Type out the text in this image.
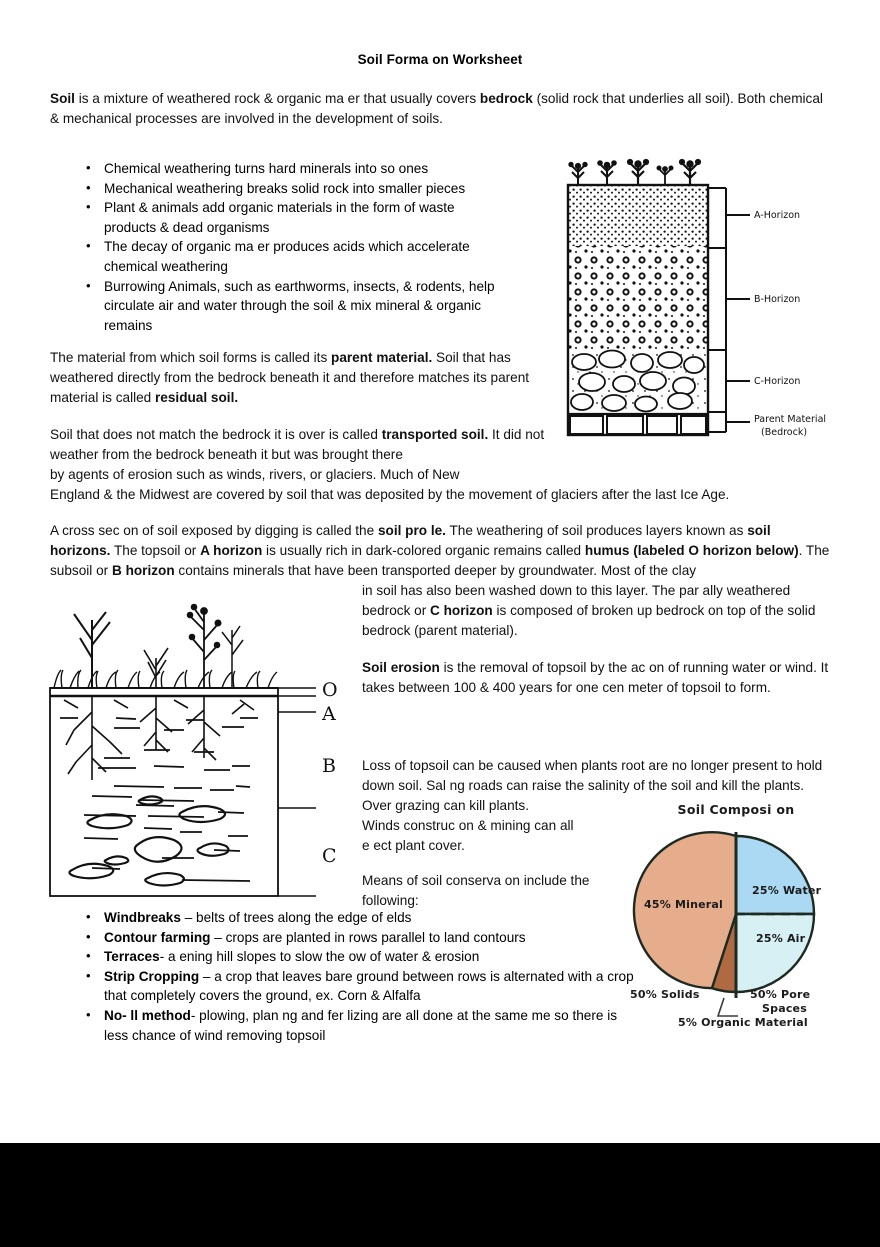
Soil Forma on Worksheet
Soil is a mixture of weathered rock & organic ma er that usually covers bedrock (solid rock that underlies all soil). Both chemical & mechanical processes are involved in the development of soils.
• Chemical weathering turns hard minerals into so ones
• Mechanical weathering breaks solid rock into smaller pieces
• Plant & animals add organic materials in the form of waste products & dead organisms
• The decay of organic ma er produces acids which accelerate chemical weathering
• Burrowing Animals, such as earthworms, insects, & rodents, help circulate air and water through the soil & mix mineral & organic remains
The material from which soil forms is called its parent material. Soil that has weathered directly from the bedrock beneath it and therefore matches its parent material is called residual soil.
Soil that does not match the bedrock it is over is called transported soil. It did not weather from the bedrock beneath it but was brought there
by agents of erosion such as winds, rivers, or glaciers. Much of New
England & the Midwest are covered by soil that was deposited by the movement of glaciers after the last Ice Age.
A cross sec on of soil exposed by digging is called the soil pro le. The weathering of soil produces layers known as soil horizons. The topsoil or A horizon is usually rich in dark-colored organic remains called humus (labeled O horizon below). The subsoil or B horizon contains minerals that have been transported deeper by groundwater. Most of the clay
in soil has also been washed down to this layer. The par ally weathered bedrock or C horizon is composed of broken up bedrock on top of the solid bedrock (parent material).
Soil erosion is the removal of topsoil by the ac on of running water or wind. It takes between 100 & 400 years for one cen meter of topsoil to form.
Loss of topsoil can be caused when plants root are no longer present to hold down soil. Sal ng roads can raise the salinity of the soil and kill the plants. Over grazing can kill plants.
Winds construc on & mining can all
e ect plant cover.
Means of soil conserva on include the
following:
• Windbreaks – belts of trees along the edge of elds
• Contour farming – crops are planted in rows parallel to land contours
• Terraces- a ening hill slopes to slow the ow of water & erosion
• Strip Cropping – a crop that leaves bare ground between rows is alternated with a crop that completely covers the ground, ex. Corn & Alfalfa
• No- ll method- plowing, plan ng and fer lizing are all done at the same me so there is less chance of wind removing topsoil
A-Horizon
B-Horizon
C-Horizon
Parent Material
(Bedrock)
O
A
B
C
Soil Composi on
45% Mineral
25% Water
25% Air
50% Solids	50% Pore
Spaces
5% Organic Material
